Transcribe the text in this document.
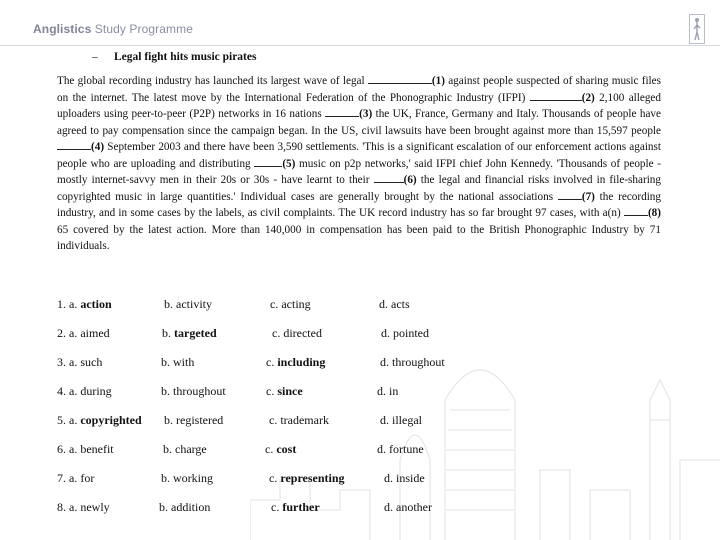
Anglistics Study Programme
– Legal fight hits music pirates
The global recording industry has launched its largest wave of legal	(1) against people suspected of sharing music files on the internet. The latest move by the International Federation of the Phonographic Industry (IFPI)	(2) 2,100 alleged uploaders using peer-to-peer (P2P) networks in 16 nations	(3) the UK, France, Germany and Italy. Thousands of people have agreed to pay compensation since the campaign began. In the US, civil lawsuits have been brought against more than 15,597 people (4) September 2003 and there have been 3,590 settlements. 'This is a significant escalation of our enforcement actions against people who are uploading and distributing	(5) music on p2p networks,' said IFPI chief John Kennedy. 'Thousands of people - mostly internet-savvy men in their 20s or 30s - have learnt to their	(6) the legal and financial risks involved in file-sharing copyrighted music in large quantities.' Individual cases are generally brought by the national associations (7) the recording industry, and in some cases by the labels, as civil complaints. The UK record industry has so far brought 97 cases, with a(n) (8) 65 covered by the latest action. More than 140,000 in compensation has been paid to the British Phonographic Industry by 71 individuals.
1. a. action	b. activity	c. acting	d. acts
2. a. aimed	b. targeted	c. directed	d. pointed
3. a. such	b. with	c. including	d. throughout
4. a. during	b. throughout	c. since	d. in
5. a. copyrighted b. registered	c. trademark	d. illegal
6. a. benefit	b. charge	c. cost	d. fortune
7. a. for	b. working	c. representing	d. inside
8. a. newly	b. addition	c. further	d. another
